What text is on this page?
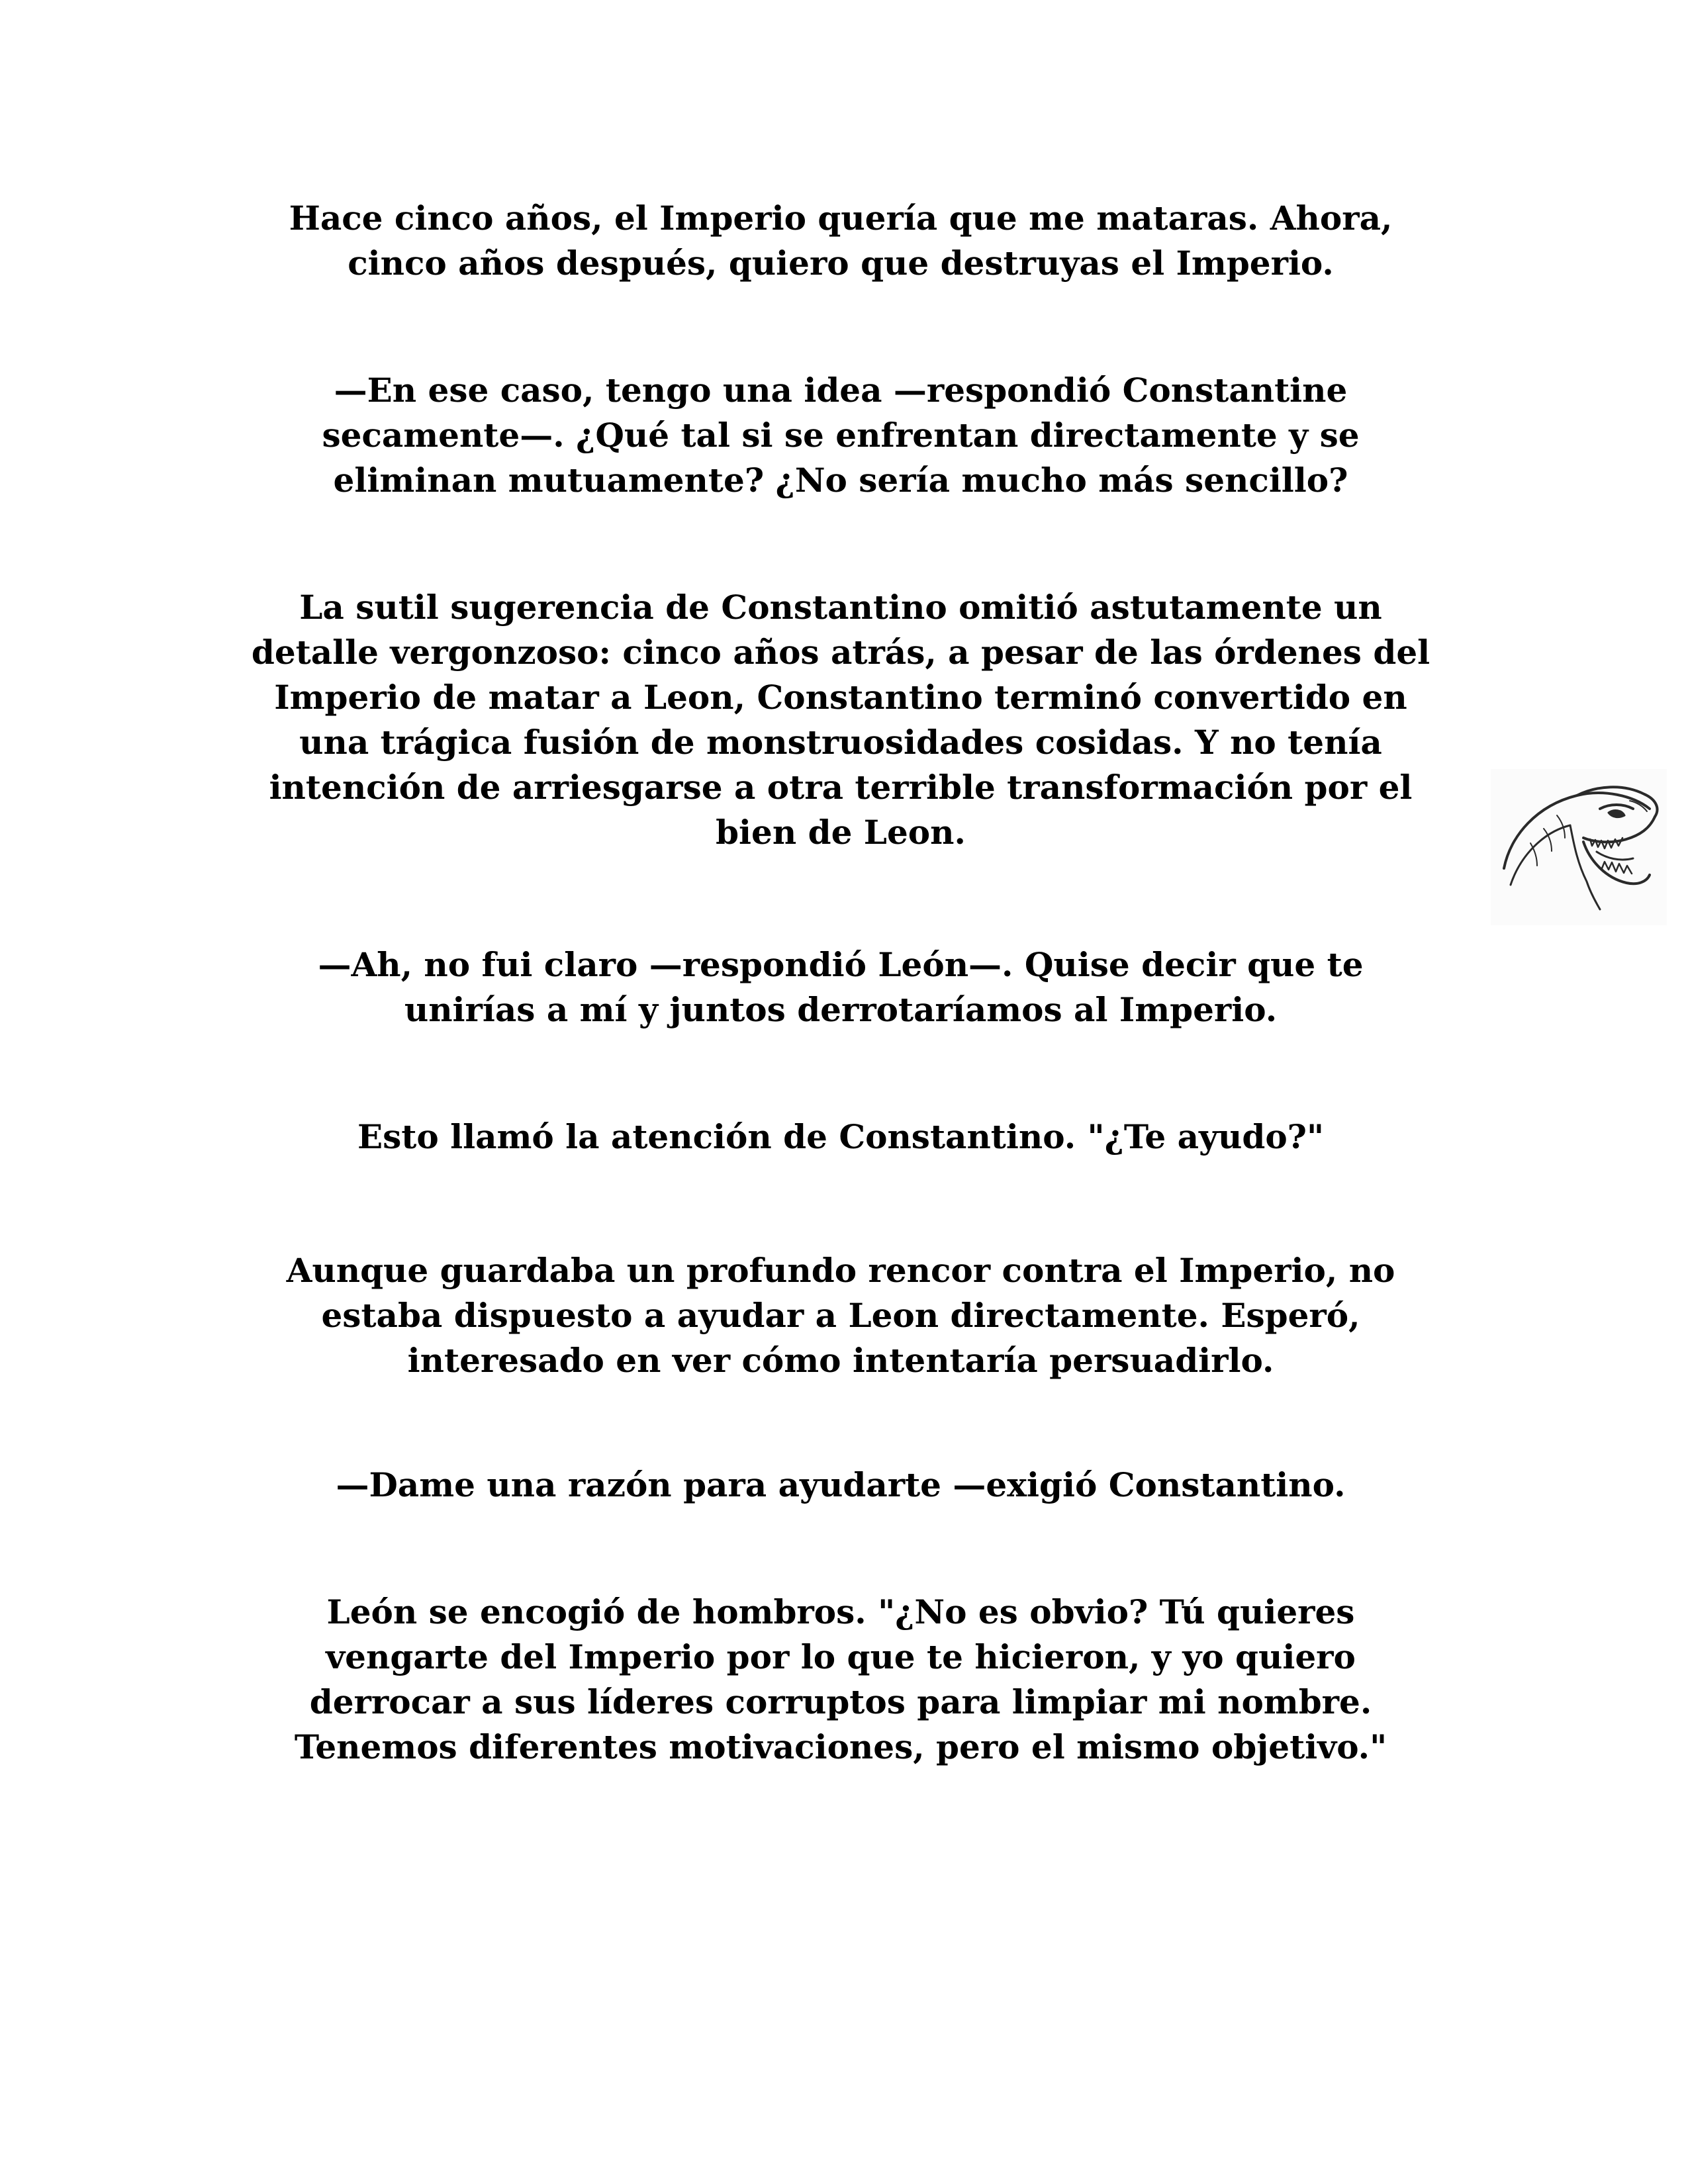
Hace cinco años, el Imperio quería que me mataras. Ahora,
cinco años después, quiero que destruyas el Imperio.

—En ese caso, tengo una idea —respondió Constantine
secamente—. ¿Qué tal si se enfrentan directamente y se
eliminan mutuamente? ¿No sería mucho más sencillo?

La sutil sugerencia de Constantino omitió astutamente un
detalle vergonzoso: cinco años atrás, a pesar de las órdenes del
Imperio de matar a Leon, Constantino terminó convertido en
una trágica fusión de monstruosidades cosidas. Y no tenía
intención de arriesgarse a otra terrible transformación por el
bien de Leon.

—Ah, no fui claro —respondió León—. Quise decir que te
unirías a mí y juntos derrotaríamos al Imperio.

Esto llamó la atención de Constantino. "¿Te ayudo?"

Aunque guardaba un profundo rencor contra el Imperio, no
estaba dispuesto a ayudar a Leon directamente. Esperó,
interesado en ver cómo intentaría persuadirlo.

—Dame una razón para ayudarte —exigió Constantino.

León se encogió de hombros. "¿No es obvio? Tú quieres
vengarte del Imperio por lo que te hicieron, y yo quiero
derrocar a sus líderes corruptos para limpiar mi nombre.
Tenemos diferentes motivaciones, pero el mismo objetivo."
